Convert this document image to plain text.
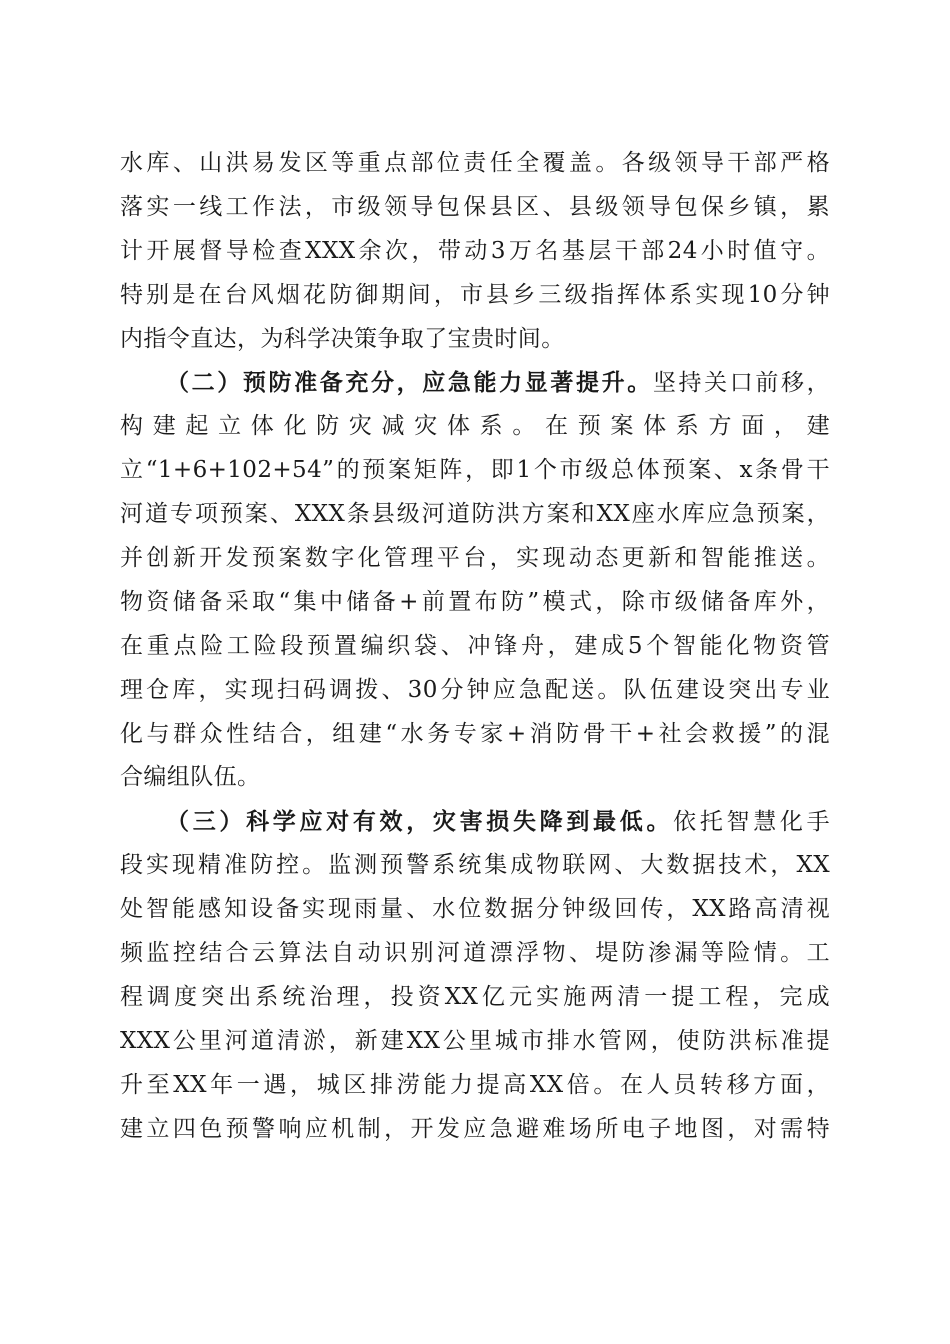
水库、山洪易发区等重点部位责任全覆盖。各级领导干部严格
落实一线工作法，市级领导包保县区、县级领导包保乡镇，累
计开展督导检查XXX余次，带动3万名基层干部24小时值守。
特别是在台风烟花防御期间，市县乡三级指挥体系实现10分钟
内指令直达，为科学决策争取了宝贵时间。
（二）预防准备充分，应急能力显著提升。坚持关口前移，
构建起立体化防灾减灾体系。在预案体系方面，建
立“1+6+102+54”的预案矩阵，即1个市级总体预案、x条骨干
河道专项预案、XXX条县级河道防洪方案和XX座水库应急预案，
并创新开发预案数字化管理平台，实现动态更新和智能推送。
物资储备采取“集中储备+前置布防”模式，除市级储备库外，
在重点险工险段预置编织袋、冲锋舟，建成5个智能化物资管
理仓库，实现扫码调拨、30分钟应急配送。队伍建设突出专业
化与群众性结合，组建“水务专家+消防骨干+社会救援”的混
合编组队伍。
（三）科学应对有效，灾害损失降到最低。依托智慧化手
段实现精准防控。监测预警系统集成物联网、大数据技术，XX
处智能感知设备实现雨量、水位数据分钟级回传，XX路高清视
频监控结合云算法自动识别河道漂浮物、堤防渗漏等险情。工
程调度突出系统治理，投资XX亿元实施两清一提工程，完成
XXX公里河道清淤，新建XX公里城市排水管网，使防洪标准提
升至XX年一遇，城区排涝能力提高XX倍。在人员转移方面，
建立四色预警响应机制，开发应急避难场所电子地图，对需特
